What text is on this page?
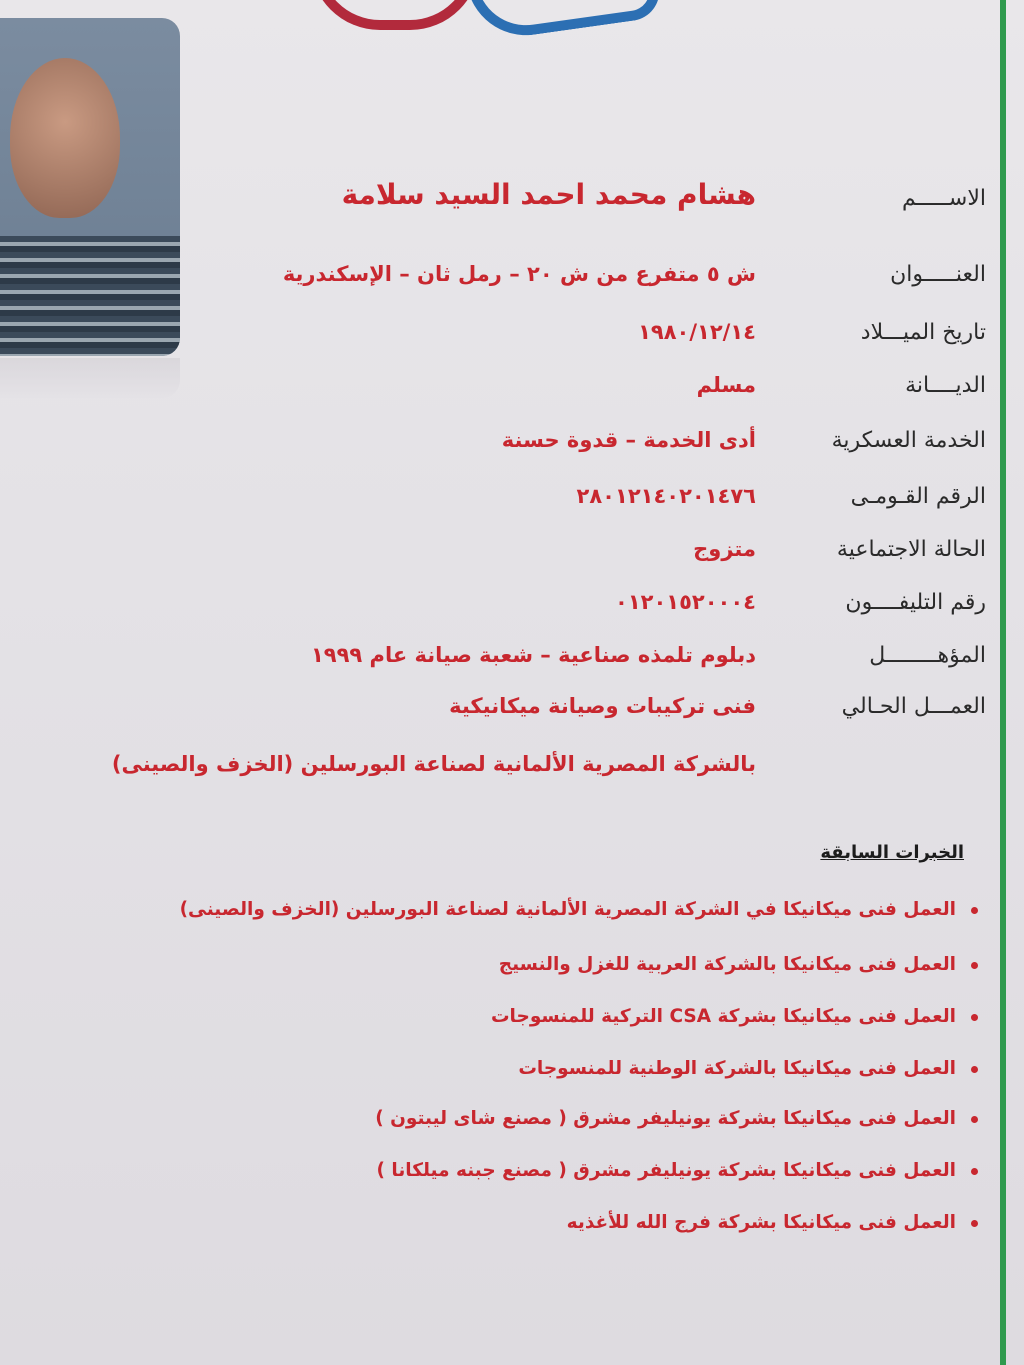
الاســـــم
هشام محمد احمد السيد سلامة
العنـــــوان
ش ٥ متفرع من ش ٢٠ – رمل ثان – الإسكندرية
تاريخ الميـــلاد
١٩٨٠/١٢/١٤
الديــــانة
مسلم
الخدمة العسكرية
أدى الخدمة – قدوة حسنة
الرقم القـومـى
٢٨٠١٢١٤٠٢٠١٤٧٦
الحالة الاجتماعية
متزوج
رقم التليفــــون
٠١٢٠١٥٢٠٠٠٤
المؤهــــــــل
دبلوم تلمذه صناعية – شعبة صيانة عام ١٩٩٩
العمـــل الحـالي
فنى تركيبات وصيانة ميكانيكية
بالشركة المصرية الألمانية لصناعة البورسلين (الخزف والصينى)
الخبرات السابقة
العمل فنى ميكانيكا في الشركة المصرية الألمانية لصناعة البورسلين (الخزف والصينى)
العمل فنى ميكانيكا بالشركة العربية للغزل والنسيج
العمل فنى ميكانيكا بشركة CSA التركية للمنسوجات
العمل فنى ميكانيكا بالشركة الوطنية للمنسوجات
العمل فنى ميكانيكا بشركة يونيليفر مشرق ( مصنع شاى ليبتون )
العمل فنى ميكانيكا بشركة يونيليفر مشرق ( مصنع جبنه ميلكانا )
العمل فنى ميكانيكا بشركة فرج الله للأغذيه
